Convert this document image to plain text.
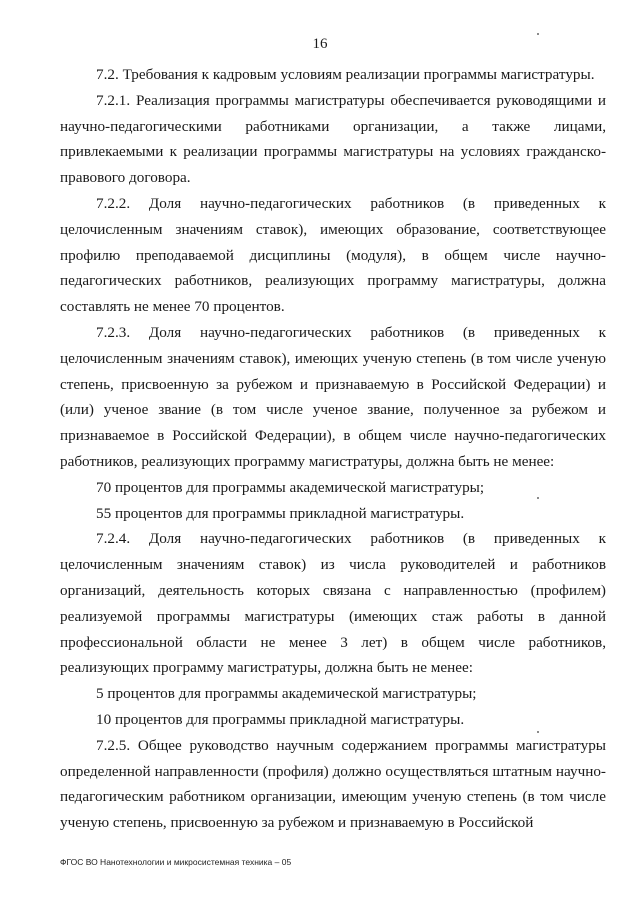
16

7.2. Требования к кадровым условиям реализации программы магистратуры.

7.2.1. Реализация программы магистратуры обеспечивается руководящими и научно-педагогическими работниками организации, а также лицами, привлекаемыми к реализации программы магистратуры на условиях гражданско-правового договора.

7.2.2. Доля научно-педагогических работников (в приведенных к целочисленным значениям ставок), имеющих образование, соответствующее профилю преподаваемой дисциплины (модуля), в общем числе научно-педагогических работников, реализующих программу магистратуры, должна составлять не менее 70 процентов.

7.2.3. Доля научно-педагогических работников (в приведенных к целочисленным значениям ставок), имеющих ученую степень (в том числе ученую степень, присвоенную за рубежом и признаваемую в Российской Федерации) и (или) ученое звание (в том числе ученое звание, полученное за рубежом и признаваемое в Российской Федерации), в общем числе научно-педагогических работников, реализующих программу магистратуры, должна быть не менее:

70 процентов для программы академической магистратуры;

55 процентов для программы прикладной магистратуры.

7.2.4. Доля научно-педагогических работников (в приведенных к целочисленным значениям ставок) из числа руководителей и работников организаций, деятельность которых связана с направленностью (профилем) реализуемой программы магистратуры (имеющих стаж работы в данной профессиональной области не менее 3 лет) в общем числе работников, реализующих программу магистратуры, должна быть не менее:

5 процентов для программы академической магистратуры;

10 процентов для программы прикладной магистратуры.

7.2.5. Общее руководство научным содержанием программы магистратуры определенной направленности (профиля) должно осуществляться штатным научно-педагогическим работником организации, имеющим ученую степень (в том числе ученую степень, присвоенную за рубежом и признаваемую в Российской

ФГОС ВО Нанотехнологии и микросистемная техника – 05
